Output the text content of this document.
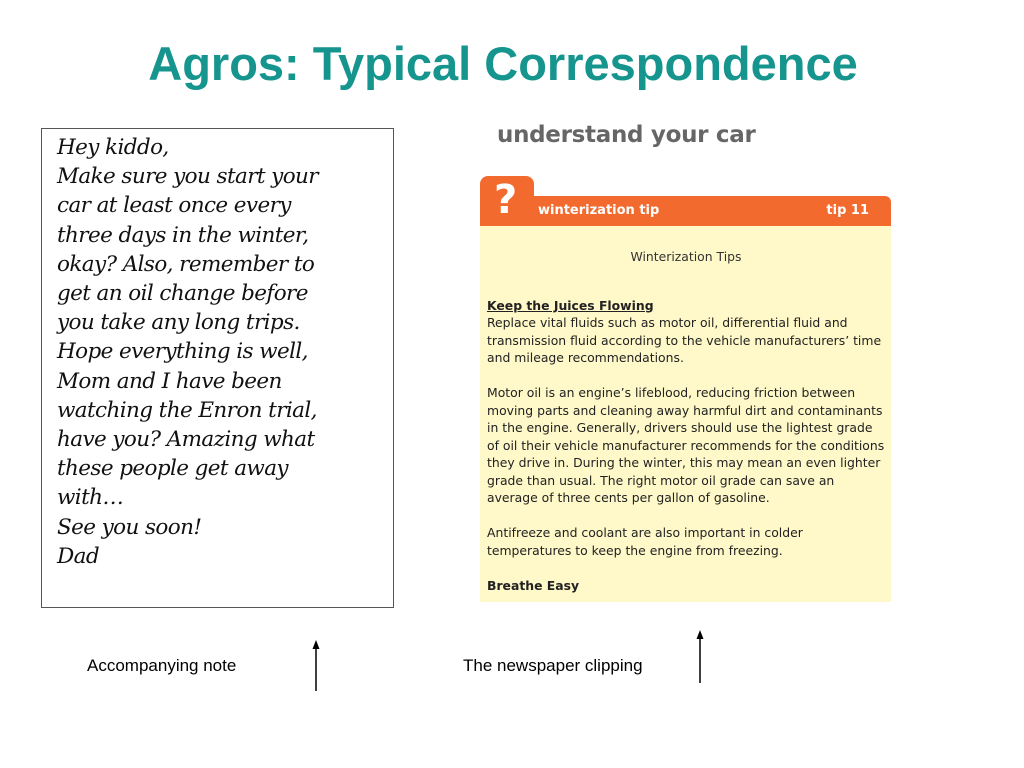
Agros: Typical Correspondence
Hey kiddo,
Make sure you start your
car at least once every
three days in the winter,
okay? Also, remember to
get an oil change before
you take any long trips.
Hope everything is well,
Mom and I have been
watching the Enron trial,
have you? Amazing what
these people get away
with…
See you soon!
Dad
understand your car
? winterization tip	tip 11
Winterization Tips
Keep the Juices Flowing

Replace vital fluids such as motor oil, differential fluid and transmission fluid according to the vehicle manufacturers’ time and mileage recommendations.

Motor oil is an engine’s lifeblood, reducing friction between moving parts and cleaning away harmful dirt and contaminants in the engine. Generally, drivers should use the lightest grade of oil their vehicle manufacturer recommends for the conditions they drive in. During the winter, this may mean an even lighter grade than usual. The right motor oil grade can save an average of three cents per gallon of gasoline.

Antifreeze and coolant are also important in colder temperatures to keep the engine from freezing.

Breathe Easy
Accompanying note	The newspaper clipping
